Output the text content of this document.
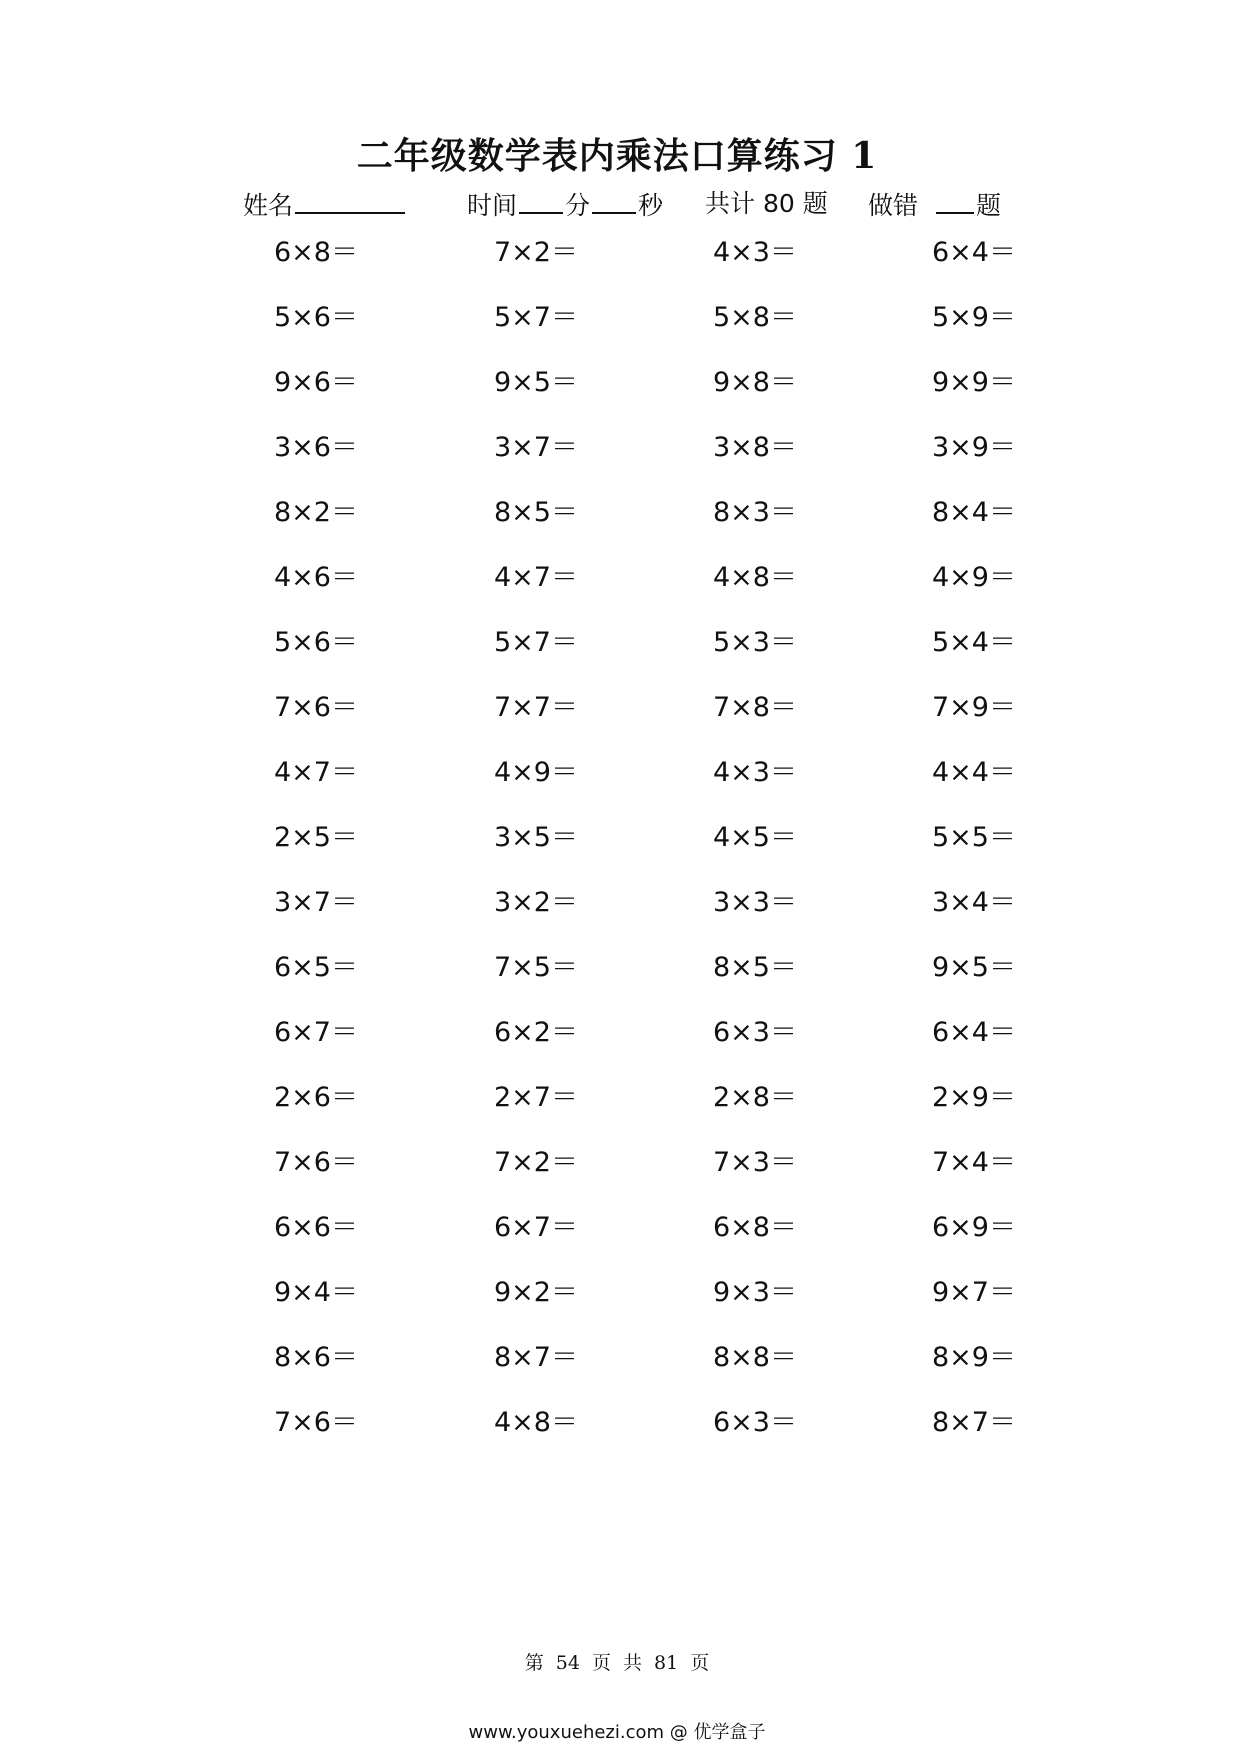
二年级数学表内乘法口算练习 1
姓名	时间 分 秒 共计 80 题 做错 题
6×8＝	7×2＝	4×3＝	6×4＝
5×6＝	5×7＝	5×8＝	5×9＝
9×6＝	9×5＝	9×8＝	9×9＝
3×6＝	3×7＝	3×8＝	3×9＝
8×2＝	8×5＝	8×3＝	8×4＝
4×6＝	4×7＝	4×8＝	4×9＝
5×6＝	5×7＝	5×3＝	5×4＝
7×6＝	7×7＝	7×8＝	7×9＝
4×7＝	4×9＝	4×3＝	4×4＝
2×5＝	3×5＝	4×5＝	5×5＝
3×7＝	3×2＝	3×3＝	3×4＝
6×5＝	7×5＝	8×5＝	9×5＝
6×7＝	6×2＝	6×3＝	6×4＝
2×6＝	2×7＝	2×8＝	2×9＝
7×6＝	7×2＝	7×3＝	7×4＝
6×6＝	6×7＝	6×8＝	6×9＝
9×4＝	9×2＝	9×3＝	9×7＝
8×6＝	8×7＝	8×8＝	8×9＝
7×6＝	4×8＝	6×3＝	8×7＝
第 54 页 共 81 页
www.youxuehezi.com @ 优学盒子
